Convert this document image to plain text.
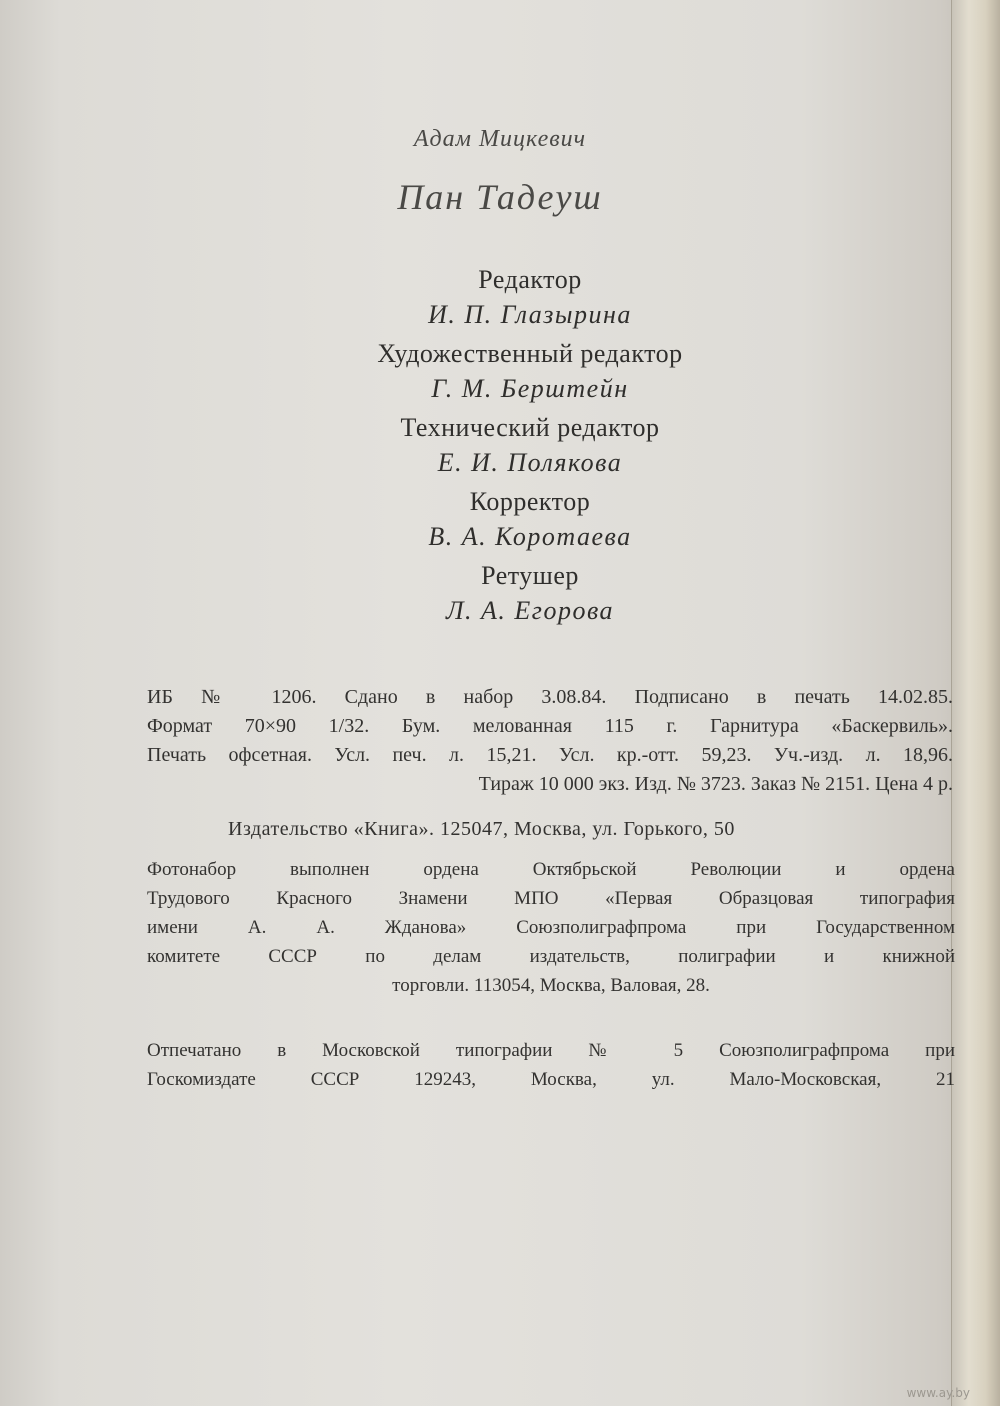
Адам Мицкевич
Пан Тадеуш
Редактор
И. П. Глазырина
Художественный редактор
Г. М. Берштейн
Технический редактор
Е. И. Полякова
Корректор
В. А. Коротаева
Ретушер
Л. А. Егорова
ИБ № 1206. Сдано в набор 3.08.84. Подписано в печать 14.02.85.
Формат 70×90 1/32. Бум. мелованная 115 г. Гарнитура «Баскервиль».
Печать офсетная. Усл. печ. л. 15,21. Усл. кр.-отт. 59,23. Уч.-изд. л. 18,96.
Тираж 10 000 экз. Изд. № 3723. Заказ № 2151. Цена 4 р.
Издательство «Книга». 125047, Москва, ул. Горького, 50
Фотонабор выполнен ордена Октябрьской Революции и ордена
Трудового Красного Знамени МПО «Первая Образцовая типография
имени А. А. Жданова» Союзполиграфпрома при Государственном
комитете СССР по делам издательств, полиграфии и книжной
торговли. 113054, Москва, Валовая, 28.
Отпечатано в Московской типографии № 5 Союзполиграфпрома при
Госкомиздате СССР 129243, Москва, ул. Мало-Московская, 21
www.ay.by
